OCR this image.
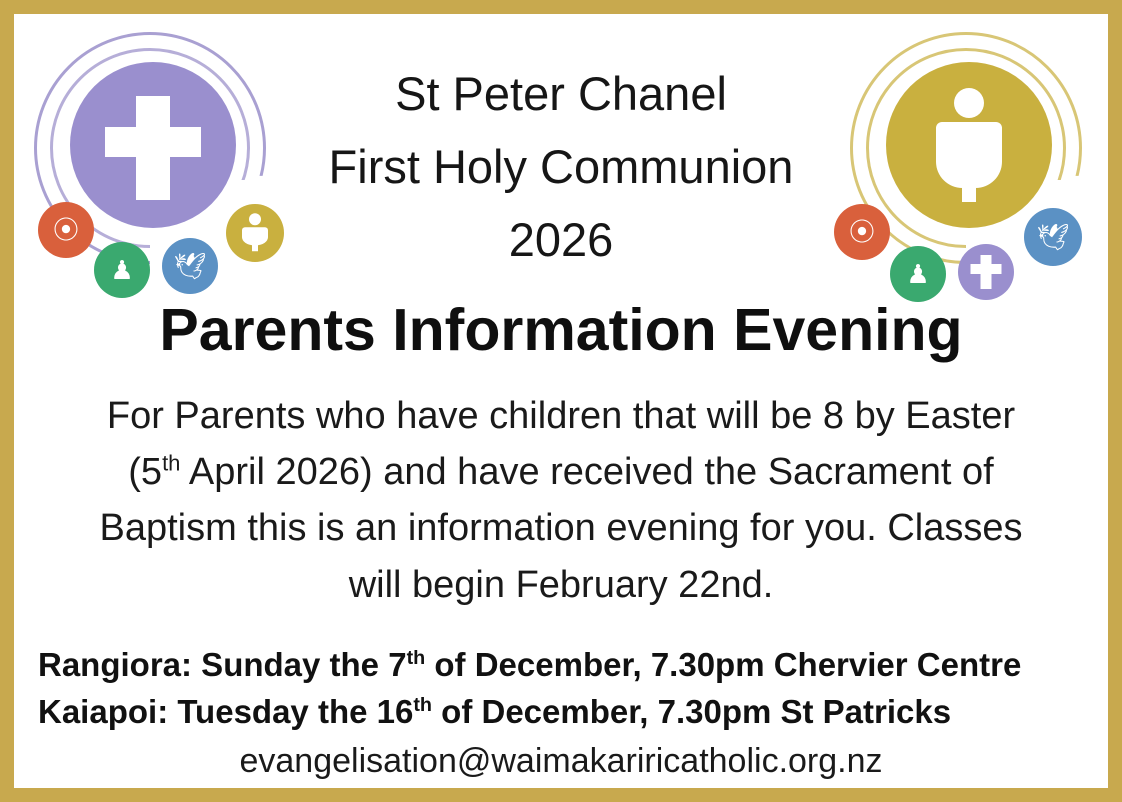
⦿
♟	🕊
⦿
♟
🕊
St Peter Chanel
First Holy Communion
2026
Parents Information Evening
For Parents who have children that will be 8 by Easter
(5th April 2026) and have received the Sacrament of
Baptism this is an information evening for you. Classes
will begin February 22nd.
Rangiora: Sunday the 7th of December, 7.30pm Chervier Centre
Kaiapoi: Tuesday the 16th of December, 7.30pm St Patricks
evangelisation@waimakariricatholic.org.nz
